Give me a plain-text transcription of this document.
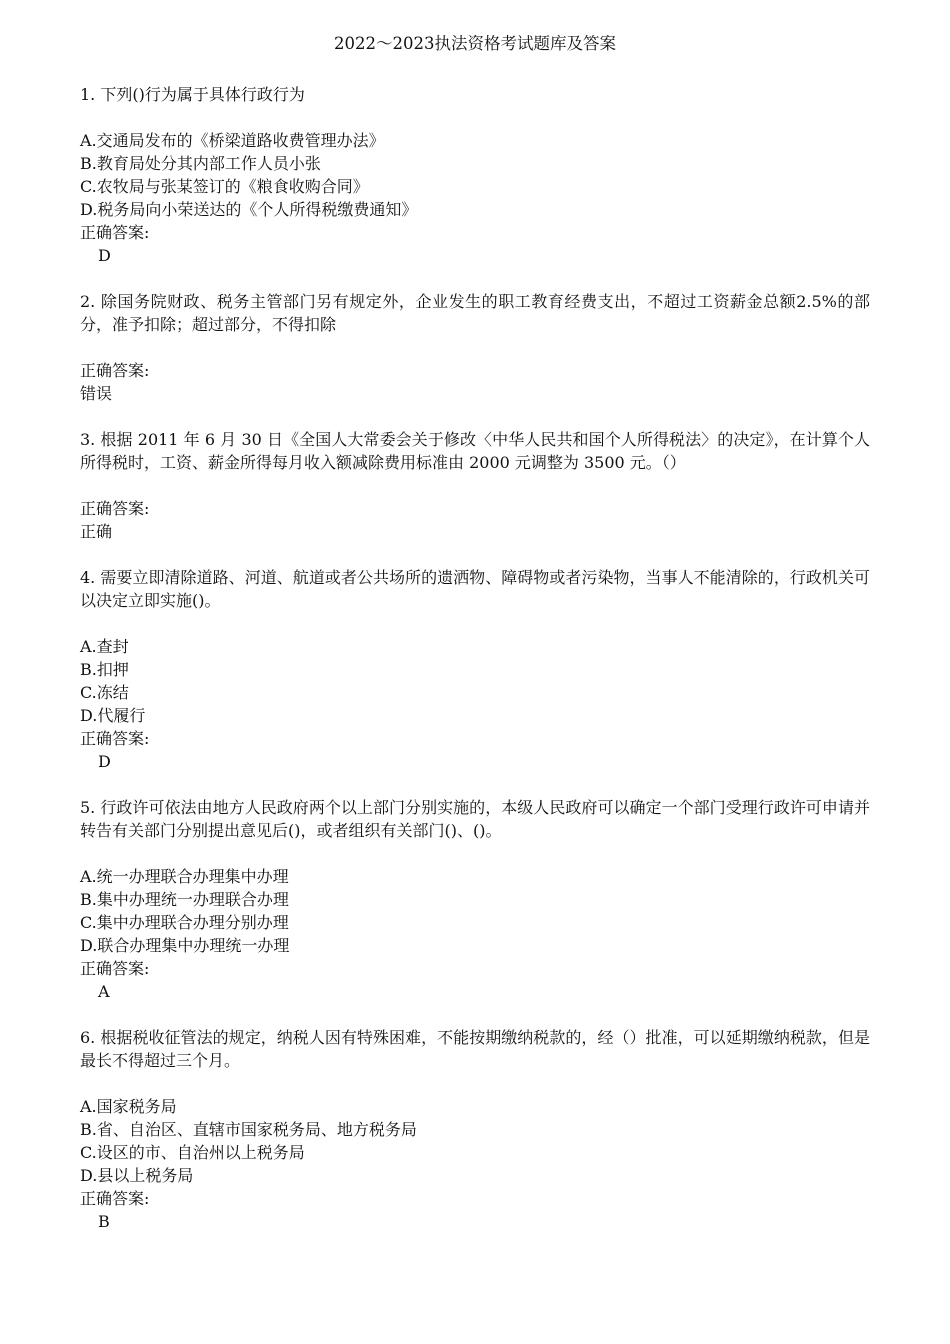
2022～2023执法资格考试题库及答案

1. 下列()行为属于具体行政行为

A.交通局发布的《桥梁道路收费管理办法》

B.教育局处分其内部工作人员小张

C.农牧局与张某签订的《粮食收购合同》

D.税务局向小荣送达的《个人所得税缴费通知》

正确答案:

D

2. 除国务院财政、税务主管部门另有规定外，企业发生的职工教育经费支出，不超过工资薪金总额2.5%的部分，准予扣除；超过部分，不得扣除

正确答案:

错误

3. 根据 2011 年 6 月 30 日《全国人大常委会关于修改〈中华人民共和国个人所得税法〉的决定》，在计算个人所得税时，工资、薪金所得每月收入额减除费用标准由 2000 元调整为 3500 元。（）

正确答案:

正确

4. 需要立即清除道路、河道、航道或者公共场所的遗洒物、障碍物或者污染物，当事人不能清除的，行政机关可以决定立即实施()。

A.查封

B.扣押

C.冻结

D.代履行

正确答案:

D

5. 行政许可依法由地方人民政府两个以上部门分别实施的，本级人民政府可以确定一个部门受理行政许可申请并转告有关部门分别提出意见后()，或者组织有关部门()、()。

A.统一办理联合办理集中办理

B.集中办理统一办理联合办理

C.集中办理联合办理分别办理

D.联合办理集中办理统一办理

正确答案:

A

6. 根据税收征管法的规定，纳税人因有特殊困难，不能按期缴纳税款的，经（）批准，可以延期缴纳税款，但是最长不得超过三个月。

A.国家税务局

B.省、自治区、直辖市国家税务局、地方税务局

C.设区的市、自治州以上税务局

D.县以上税务局

正确答案:

B
